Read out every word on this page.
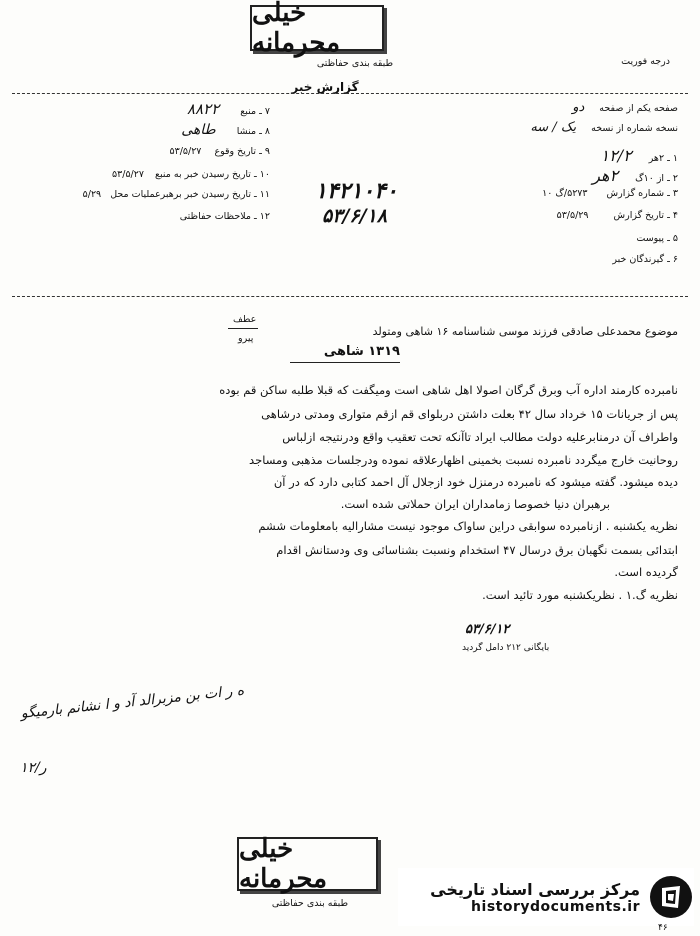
خیلی محرمانه
طبقه بندی حفاظتی	درجه فوریت
گزارش خبر
صفحه یکم از صفحه دو
نسخه شماره از نسخه یک / سه
۱ ـ ۲هر ۱۲/۲
۲ ـ از ۱۰گ ۲هر
۳ ـ شماره گزارش ۵۲۷۳/گ ۱۰
۴ ـ تاریخ گزارش ۵۳/۵/۲۹
۵ ـ پیوست
۶ ـ گیرندگان خبر
۷ ـ منبع ۸۸۲۲
۸ ـ منشا طاهی
۹ ـ تاریخ وقوع ۵۳/۵/۲۷
۱۰ ـ تاریخ رسیدن خبر به منبع ۵۳/۵/۲۷
۱۱ ـ تاریخ رسیدن خبر برهبرعملیات محل ۵/۲۹
۱۲ ـ ملاحظات حفاظتی
۱۴۲۱۰۴۰
۵۳/۶/۱۸
عطف
پیرو
موضوع محمدعلی صادقی فرزند موسی شناسنامه ۱۶ شاهی ومتولد
۱۳۱۹ شاهی
نامبرده کارمند اداره آب وبرق گرگان اصولا اهل شاهی است ومیگفت که قبلا طلبه ساکن قم بوده
پس از جریانات ۱۵ خرداد سال ۴۲ بعلت داشتن دربلوای قم ازقم متواری ومدتی درشاهی
واطراف آن درمنابرعلیه دولت مطالب ایراد تاآنکه تحت تعقیب واقع ودرنتیجه ازلباس
روحانیت خارج میگردد نامبرده نسبت بخمینی اظهارعلاقه نموده ودرجلسات مذهبی ومساجد
دیده میشود. گفته میشود که نامبرده درمنزل خود ازجلال آل احمد کتابی دارد که در آن
برهبران دنیا خصوصا زمامداران ایران حملاتی شده است.
نظریه یکشنبه . ازنامبرده سوابقی دراین ساواک موجود نیست مشارالیه بامعلومات ششم
ابتدائی بسمت نگهبان برق درسال ۴۷ استخدام ونسبت بشناسائی وی ودستانش اقدام
گردیده است.
نظریه گ.۱ . نظریکشنبه مورد تائید است.
۵۳/۶/۱۲
بایگانی ۲۱۲ دامل گردید
ه ر ات بن مزبرالد آد و ا نشانم بارمیگو
۱۲/ر
خیلی محرمانه
طبقه بندی حفاظتی
مرکز بررسی اسناد تاریخی
historydocuments.ir
۴۶
